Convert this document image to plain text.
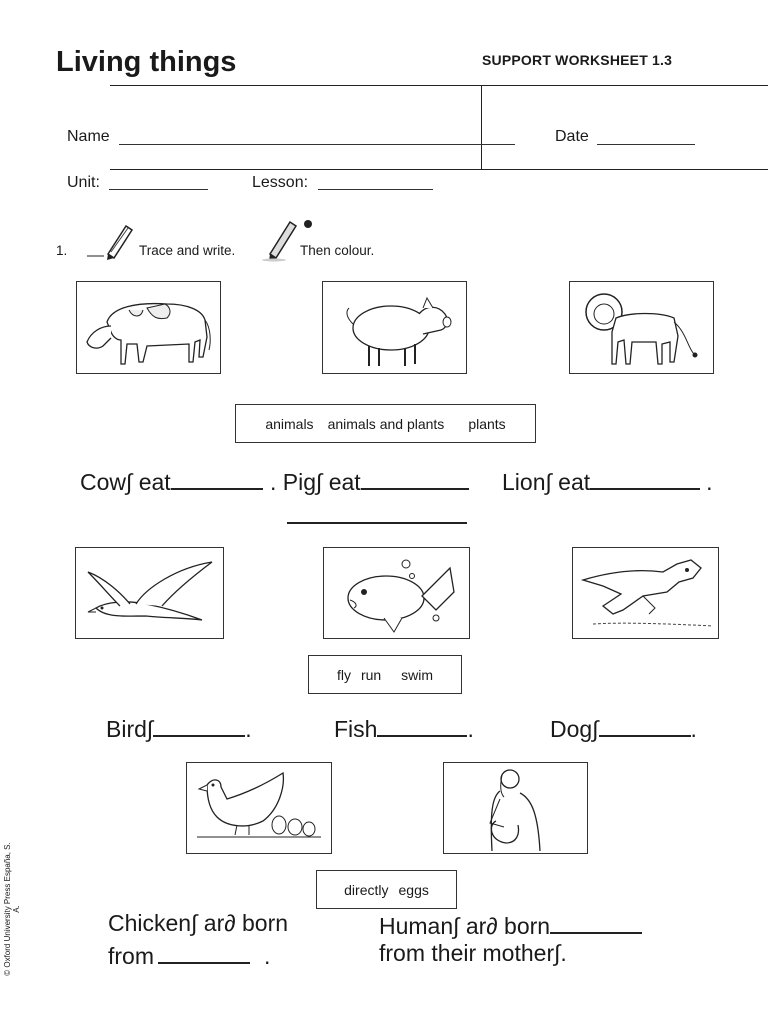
Living things	SUPPORT WORKSHEET 1.3
Name	Date
Unit:	Lesson:
1.	Trace and write.	Then colour.
animals animals and plants plants
Cow∫ eat	. Pig∫ eat	Lion∫ eat	.
fly run swim
Bird∫	.	Fish	.	Dog∫	.
directly eggs
Chicken∫ ar∂ born
from	.
Human∫ ar∂ born
from their mother∫.
© Oxford University Press España, S. A.
